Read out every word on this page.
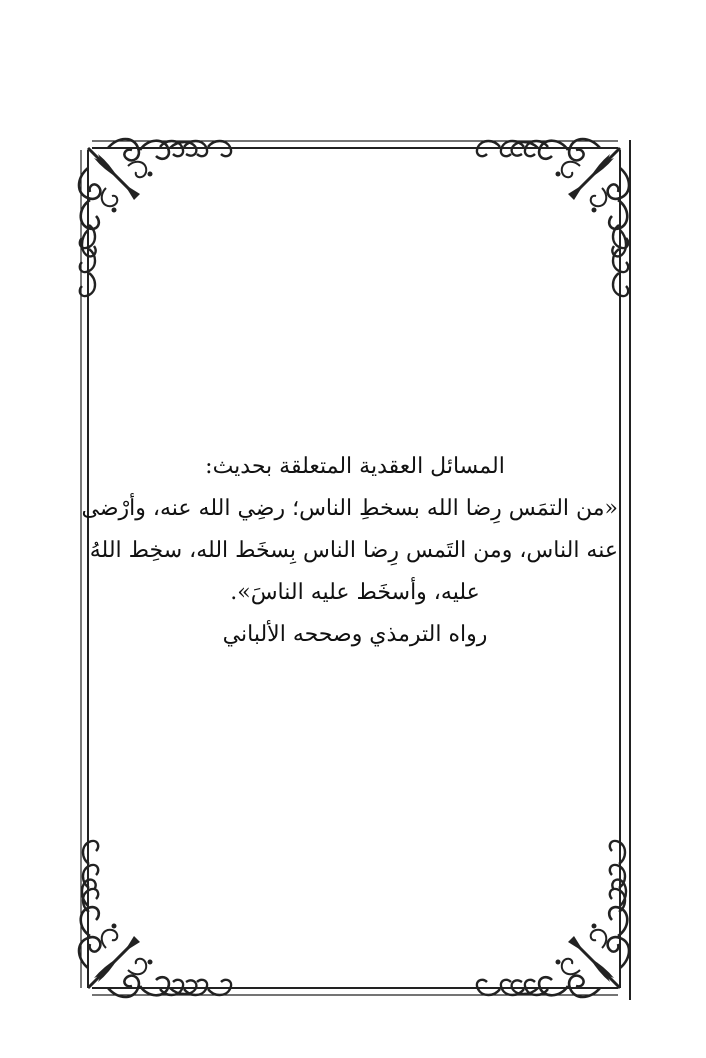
المسائل العقدية المتعلقة بحديث:
«من التمَس رِضا الله بسخطِ الناس؛ رضِي الله عنه، وأرْضى
عنه الناس، ومن التَمس رِضا الناس بِسخَط الله، سخِط اللهُ
عليه، وأسخَط عليه الناسَ».
رواه الترمذي وصححه الألباني
